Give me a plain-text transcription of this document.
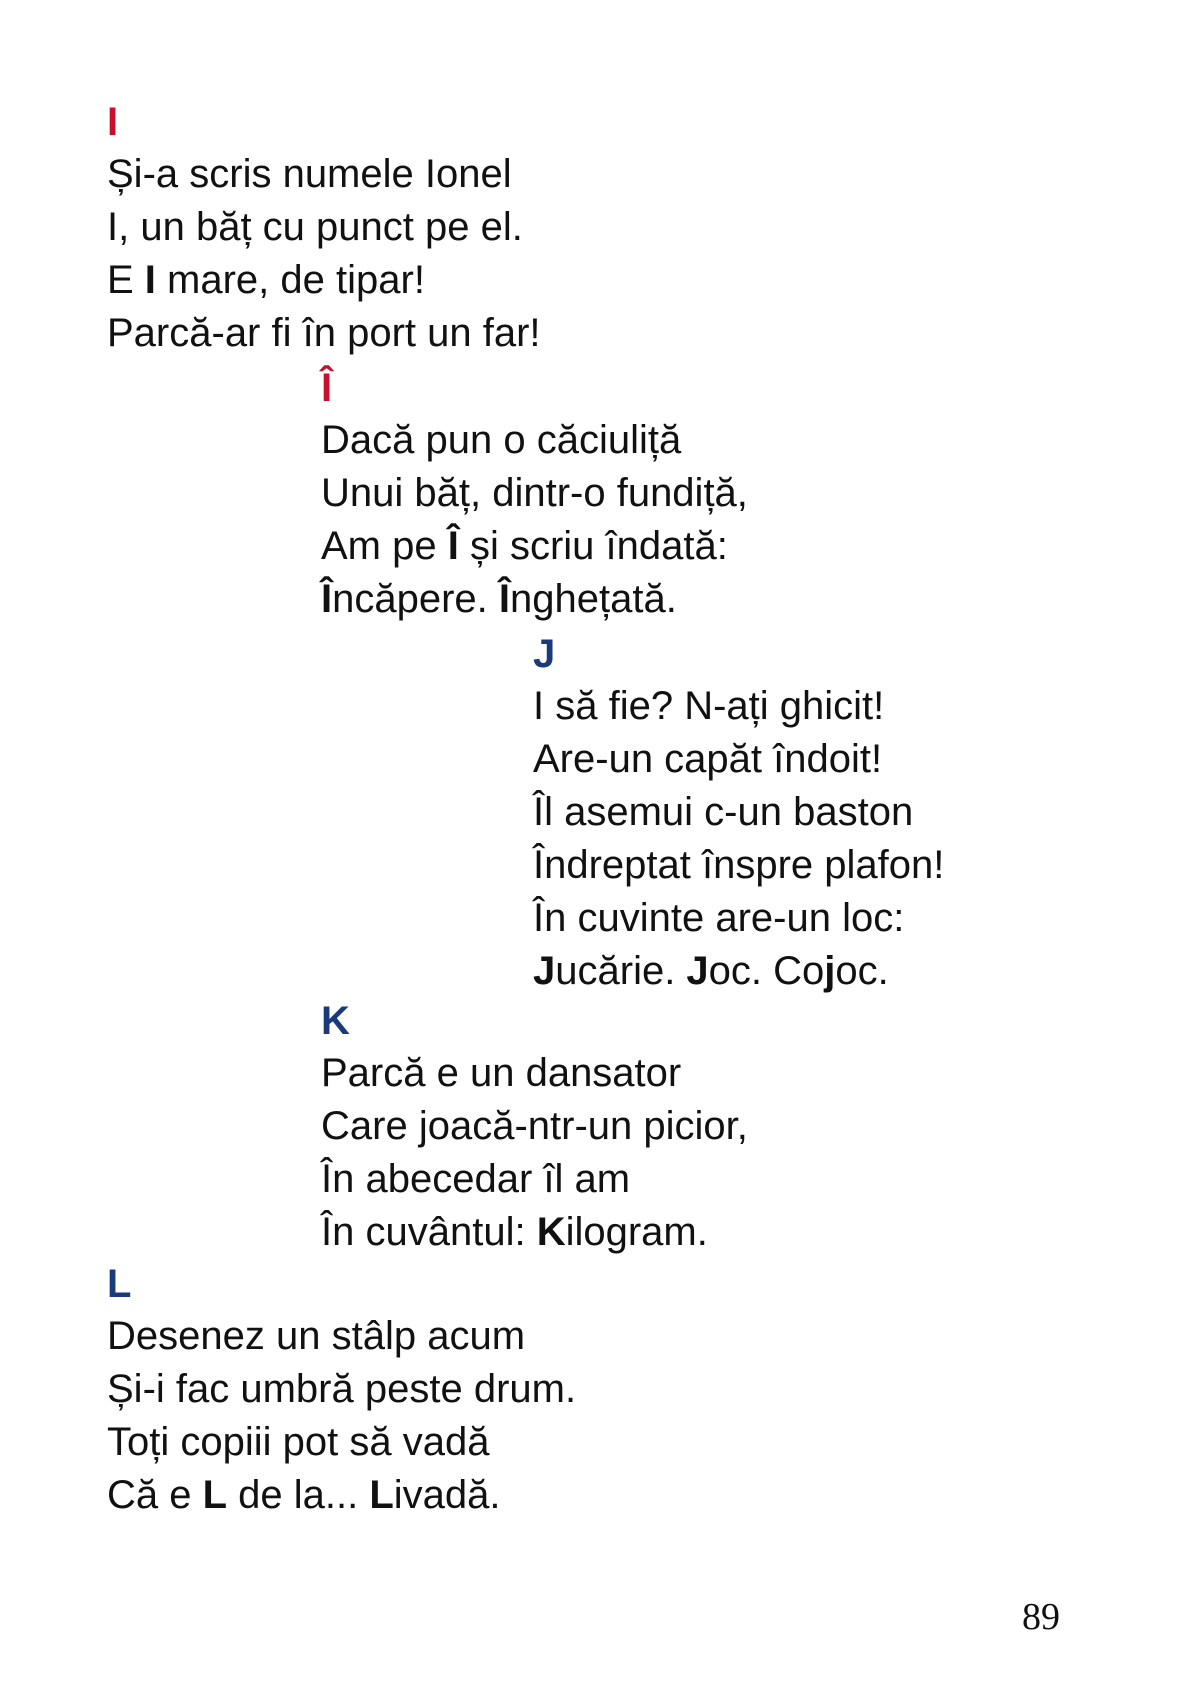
I
Și-a scris numele Ionel
I, un băț cu punct pe el.
E I mare, de tipar!
Parcă-ar fi în port un far!
Î
Dacă pun o căciuliță
Unui băț, dintr-o fundiță,
Am pe Î și scriu îndată:
Încăpere. Înghețată.
J
I să fie? N-ați ghicit!
Are-un capăt îndoit!
Îl asemui c-un baston
Îndreptat înspre plafon!
În cuvinte are-un loc:
Jucărie. Joc. Cojoc.
K
Parcă e un dansator
Care joacă-ntr-un picior,
În abecedar îl am
În cuvântul: Kilogram.
L
Desenez un stâlp acum
Și-i fac umbră peste drum.
Toți copiii pot să vadă
Că e L de la... Livadă.
89
